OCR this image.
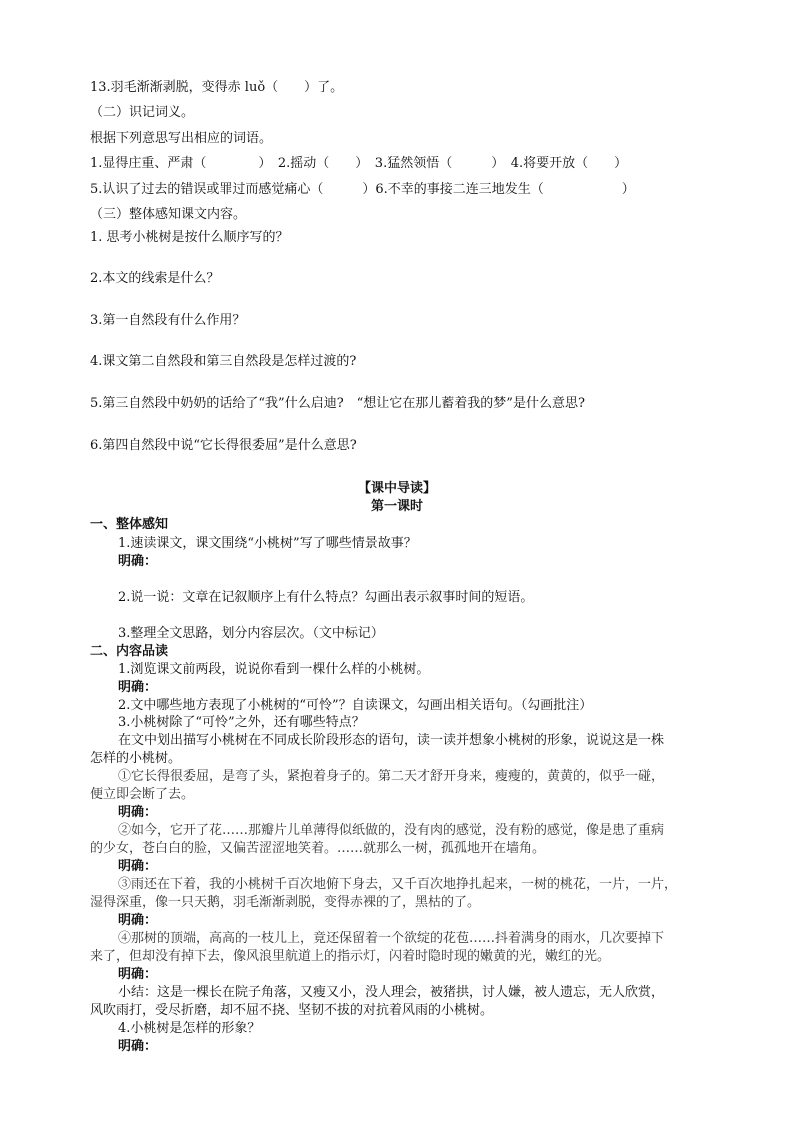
13.羽毛渐渐剥脱，变得赤 luǒ（　　）了。
（二）识记词义。
根据下列意思写出相应的词语。
1.显得庄重、严肃（　　　　）　2.摇动（　　）　3.猛然领悟（　　　）　4.将要开放（　　）
5.认识了过去的错误或罪过而感觉痛心（　　　）6.不幸的事接二连三地发生（　　　　　　）
（三）整体感知课文内容。
1. 思考小桃树是按什么顺序写的？
2.本文的线索是什么？
3.第一自然段有什么作用？
4.课文第二自然段和第三自然段是怎样过渡的?
5.第三自然段中奶奶的话给了“我”什么启迪?　“想让它在那儿蓄着我的梦”是什么意思?
6.第四自然段中说“它长得很委屈”是什么意思?
【课中导读】
第一课时
一、整体感知
1.速读课文，课文围绕“小桃树”写了哪些情景故事？
明确：
2.说一说：文章在记叙顺序上有什么特点？勾画出表示叙事时间的短语。
3.整理全文思路，划分内容层次。（文中标记）
二、内容品读
1.浏览课文前两段，说说你看到一棵什么样的小桃树。
明确：
2.文中哪些地方表现了小桃树的“可怜”？自读课文，勾画出相关语句。（勾画批注）
3.小桃树除了“可怜”之外，还有哪些特点？
在文中划出描写小桃树在不同成长阶段形态的语句，读一读并想象小桃树的形象，说说这是一株
怎样的小桃树。
①它长得很委屈，是弯了头，紧抱着身子的。第二天才舒开身来，瘦瘦的，黄黄的，似乎一碰，
便立即会断了去。
明确：
②如今，它开了花……那瓣片儿单薄得似纸做的，没有肉的感觉，没有粉的感觉，像是患了重病
的少女，苍白白的脸，又偏苦涩涩地笑着。……就那么一树，孤孤地开在墙角。
明确：
③雨还在下着，我的小桃树千百次地俯下身去，又千百次地挣扎起来，一树的桃花，一片，一片，
湿得深重，像一只天鹅，羽毛渐渐剥脱，变得赤裸的了，黑枯的了。
明确：
④那树的顶端，高高的一枝儿上，竟还保留着一个欲绽的花苞……抖着满身的雨水，几次要掉下
来了，但却没有掉下去，像风浪里航道上的指示灯，闪着时隐时现的嫩黄的光，嫩红的光。
明确：
小结：这是一棵长在院子角落，又瘦又小，没人理会，被猪拱，讨人嫌，被人遗忘，无人欣赏，
风吹雨打，受尽折磨，却不屈不挠、坚韧不拔的对抗着风雨的小桃树。
4.小桃树是怎样的形象？
明确：
